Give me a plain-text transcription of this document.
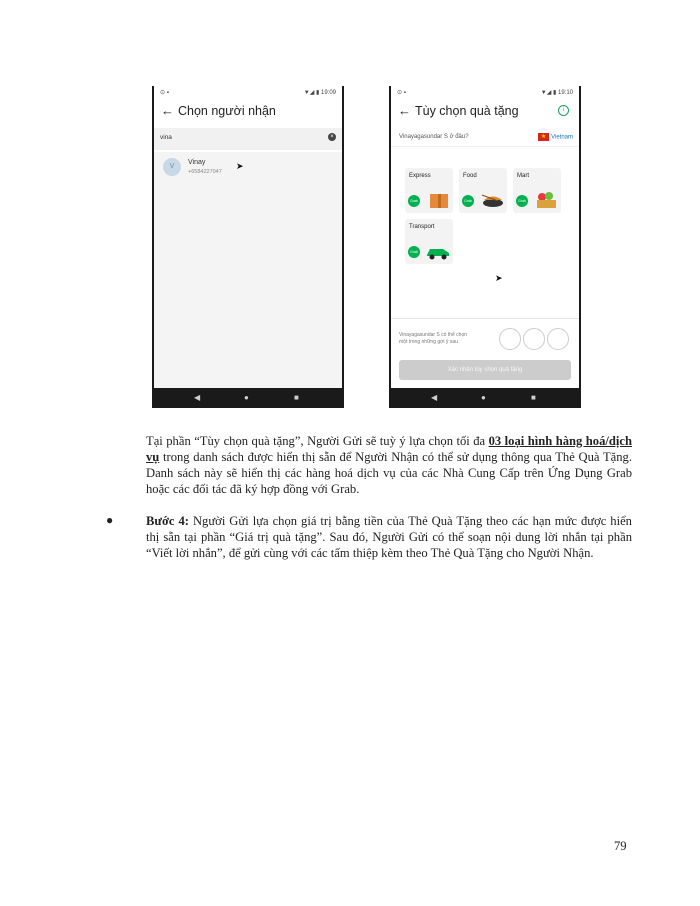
⊙ ▪	▼◢ ▮ 19:09
← Chọn người nhận
vina	×
V
Vinay
+6584227047
➤
◀	●	■
⊙ ▪	▼◢ ▮ 19:10
← Tùy chọn quà tặng	i
Vinayagasundar S ở đâu?	★ Vietnam
Express
Grab
Food
Grab
Mart
Grab
Transport
Grab
➤
Vinayagasundar S có thể chọn một trong những gợi ý sau
Xác nhận tùy chọn quà tặng
◀	●	■
Tại phần “Tùy chọn quà tặng”, Người Gửi sẽ tuỳ ý lựa chọn tối đa 03 loại hình hàng hoá/dịch vụ trong danh sách được hiển thị sẵn để Người Nhận có thể sử dụng thông qua Thẻ Quà Tặng. Danh sách này sẽ hiển thị các hàng hoá dịch vụ của các Nhà Cung Cấp trên Ứng Dụng Grab hoặc các đối tác đã ký hợp đồng với Grab.
●	Bước 4: Người Gửi lựa chọn giá trị bằng tiền của Thẻ Quà Tặng theo các hạn mức được hiển thị sẵn tại phần “Giá trị quà tặng”. Sau đó, Người Gửi có thể soạn nội dung lời nhắn tại phần “Viết lời nhắn”, để gửi cùng với các tấm thiệp kèm theo Thẻ Quà Tặng cho Người Nhận.
79
